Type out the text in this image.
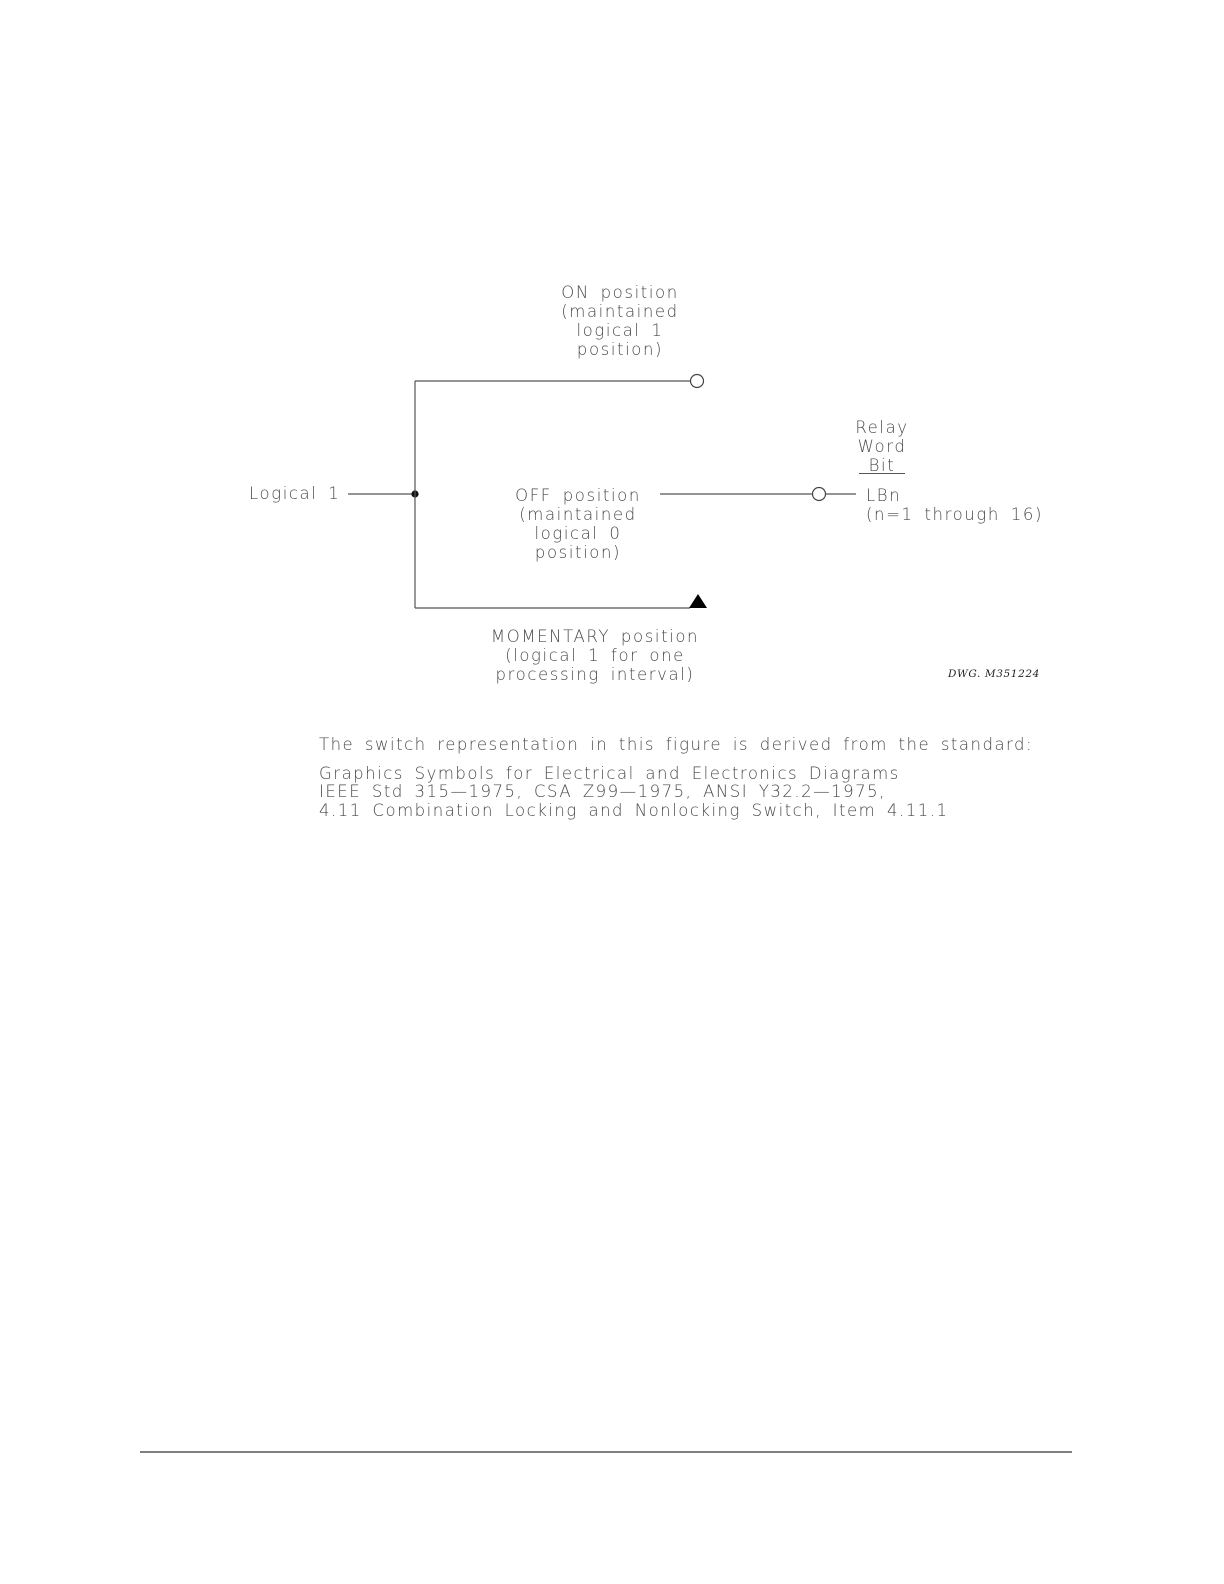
ON position
(maintained
logical 1
position)
Logical 1	OFF position
(maintained
logical 0
position)
Relay
Word
Bit
LBn
(n=1 through 16)
MOMENTARY position
(logical 1 for one
processing interval)	DWG. M351224
The switch representation in this figure is derived from the standard:
Graphics Symbols for Electrical and Electronics Diagrams
IEEE Std 315—1975, CSA Z99—1975, ANSI Y32.2—1975,
4.11 Combination Locking and Nonlocking Switch, Item 4.11.1
